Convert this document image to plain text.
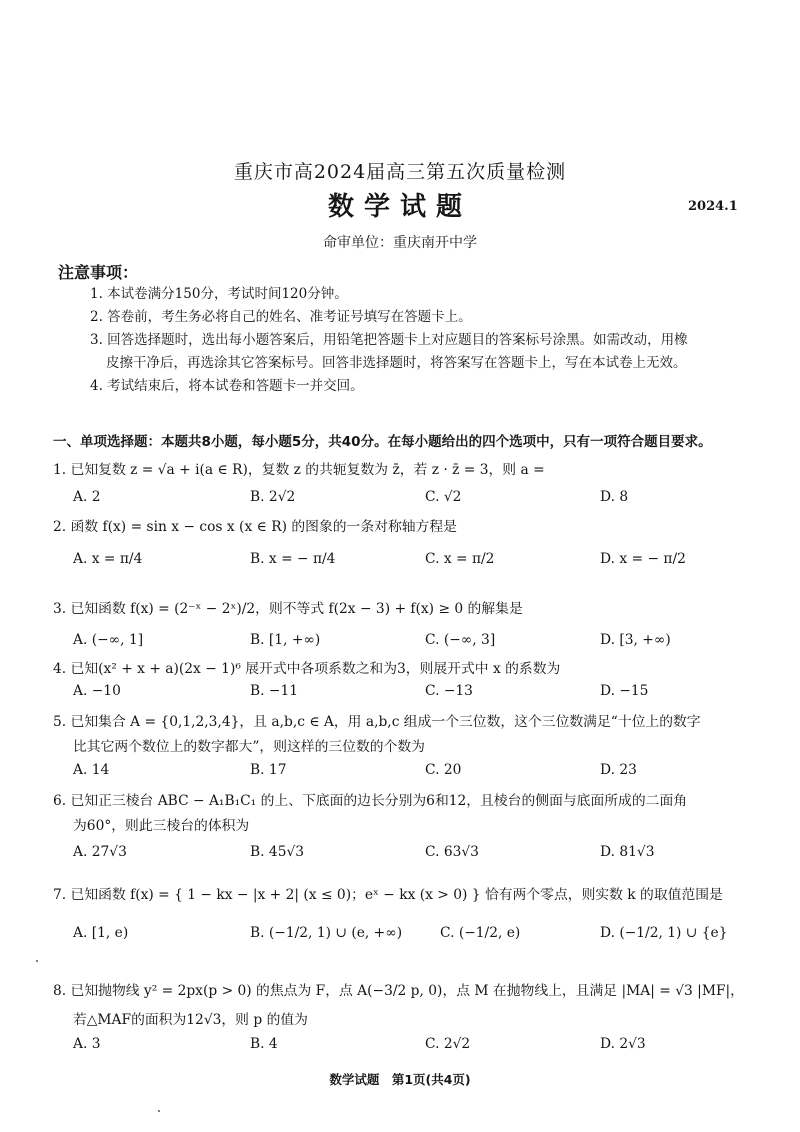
重庆市高2024届高三第五次质量检测
数学试题	2024.1
命审单位：重庆南开中学
注意事项：
1. 本试卷满分150分，考试时间120分钟。
2. 答卷前，考生务必将自己的姓名、准考证号填写在答题卡上。
3. 回答选择题时，选出每小题答案后，用铅笔把答题卡上对应题目的答案标号涂黑。如需改动，用橡
皮擦干净后，再选涂其它答案标号。回答非选择题时，将答案写在答题卡上，写在本试卷上无效。
4. 考试结束后，将本试卷和答题卡一并交回。
一、单项选择题：本题共8小题，每小题5分，共40分。在每小题给出的四个选项中，只有一项符合题目要求。
1. 已知复数 z = √a + i(a ∈ R)，复数 z 的共轭复数为 z̄，若 z · z̄ = 3，则 a =
A. 2	B. 2√2	C. √2	D. 8
2. 函数 f(x) = sin x − cos x (x ∈ R) 的图象的一条对称轴方程是
A. x = π/4	B. x = − π/4	C. x = π/2	D. x = − π/2
3. 已知函数 f(x) = (2⁻ˣ − 2ˣ)/2，则不等式 f(2x − 3) + f(x) ≥ 0 的解集是
A. (−∞, 1]	B. [1, +∞)	C. (−∞, 3]	D. [3, +∞)
4. 已知(x² + x + a)(2x − 1)⁶ 展开式中各项系数之和为3，则展开式中 x 的系数为
A. −10	B. −11	C. −13	D. −15
5. 已知集合 A = {0,1,2,3,4}，且 a,b,c ∈ A，用 a,b,c 组成一个三位数，这个三位数满足“十位上的数字
比其它两个数位上的数字都大”，则这样的三位数的个数为
A. 14	B. 17	C. 20	D. 23
6. 已知正三棱台 ABC − A₁B₁C₁ 的上、下底面的边长分别为6和12，且棱台的侧面与底面所成的二面角
为60°，则此三棱台的体积为
A. 27√3	B. 45√3	C. 63√3	D. 81√3
7. 已知函数 f(x) = { 1 − kx − |x + 2| (x ≤ 0)；eˣ − kx (x > 0) } 恰有两个零点，则实数 k 的取值范围是
A. [1, e)	B. (−1/2, 1) ∪ (e, +∞)	C. (−1/2, e)	D. (−1/2, 1) ∪ {e}
8. 已知抛物线 y² = 2px(p > 0) 的焦点为 F，点 A(−3/2 p, 0)，点 M 在抛物线上，且满足 |MA| = √3 |MF|，
若△MAF的面积为12√3，则 p 的值为
A. 3	B. 4	C. 2√2	D. 2√3
数学试题　第1页(共4页)
